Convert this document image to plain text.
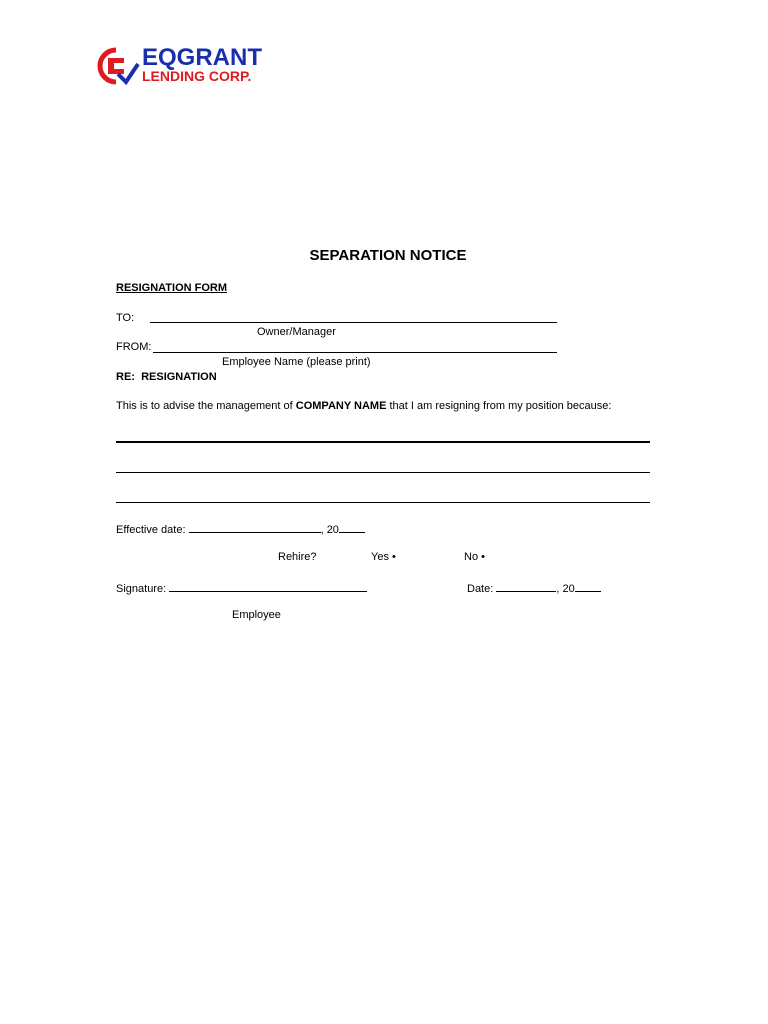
EQGRANT
LENDING CORP.
SEPARATION NOTICE
RESIGNATION FORM
TO:
Owner/Manager
FROM:
Employee Name (please print)
RE: RESIGNATION
This is to advise the management of COMPANY NAME that I am resigning from my position because:
Effective date:	, 20
Rehire?	Yes •	No •
Signature:	Date:	, 20
Employee
